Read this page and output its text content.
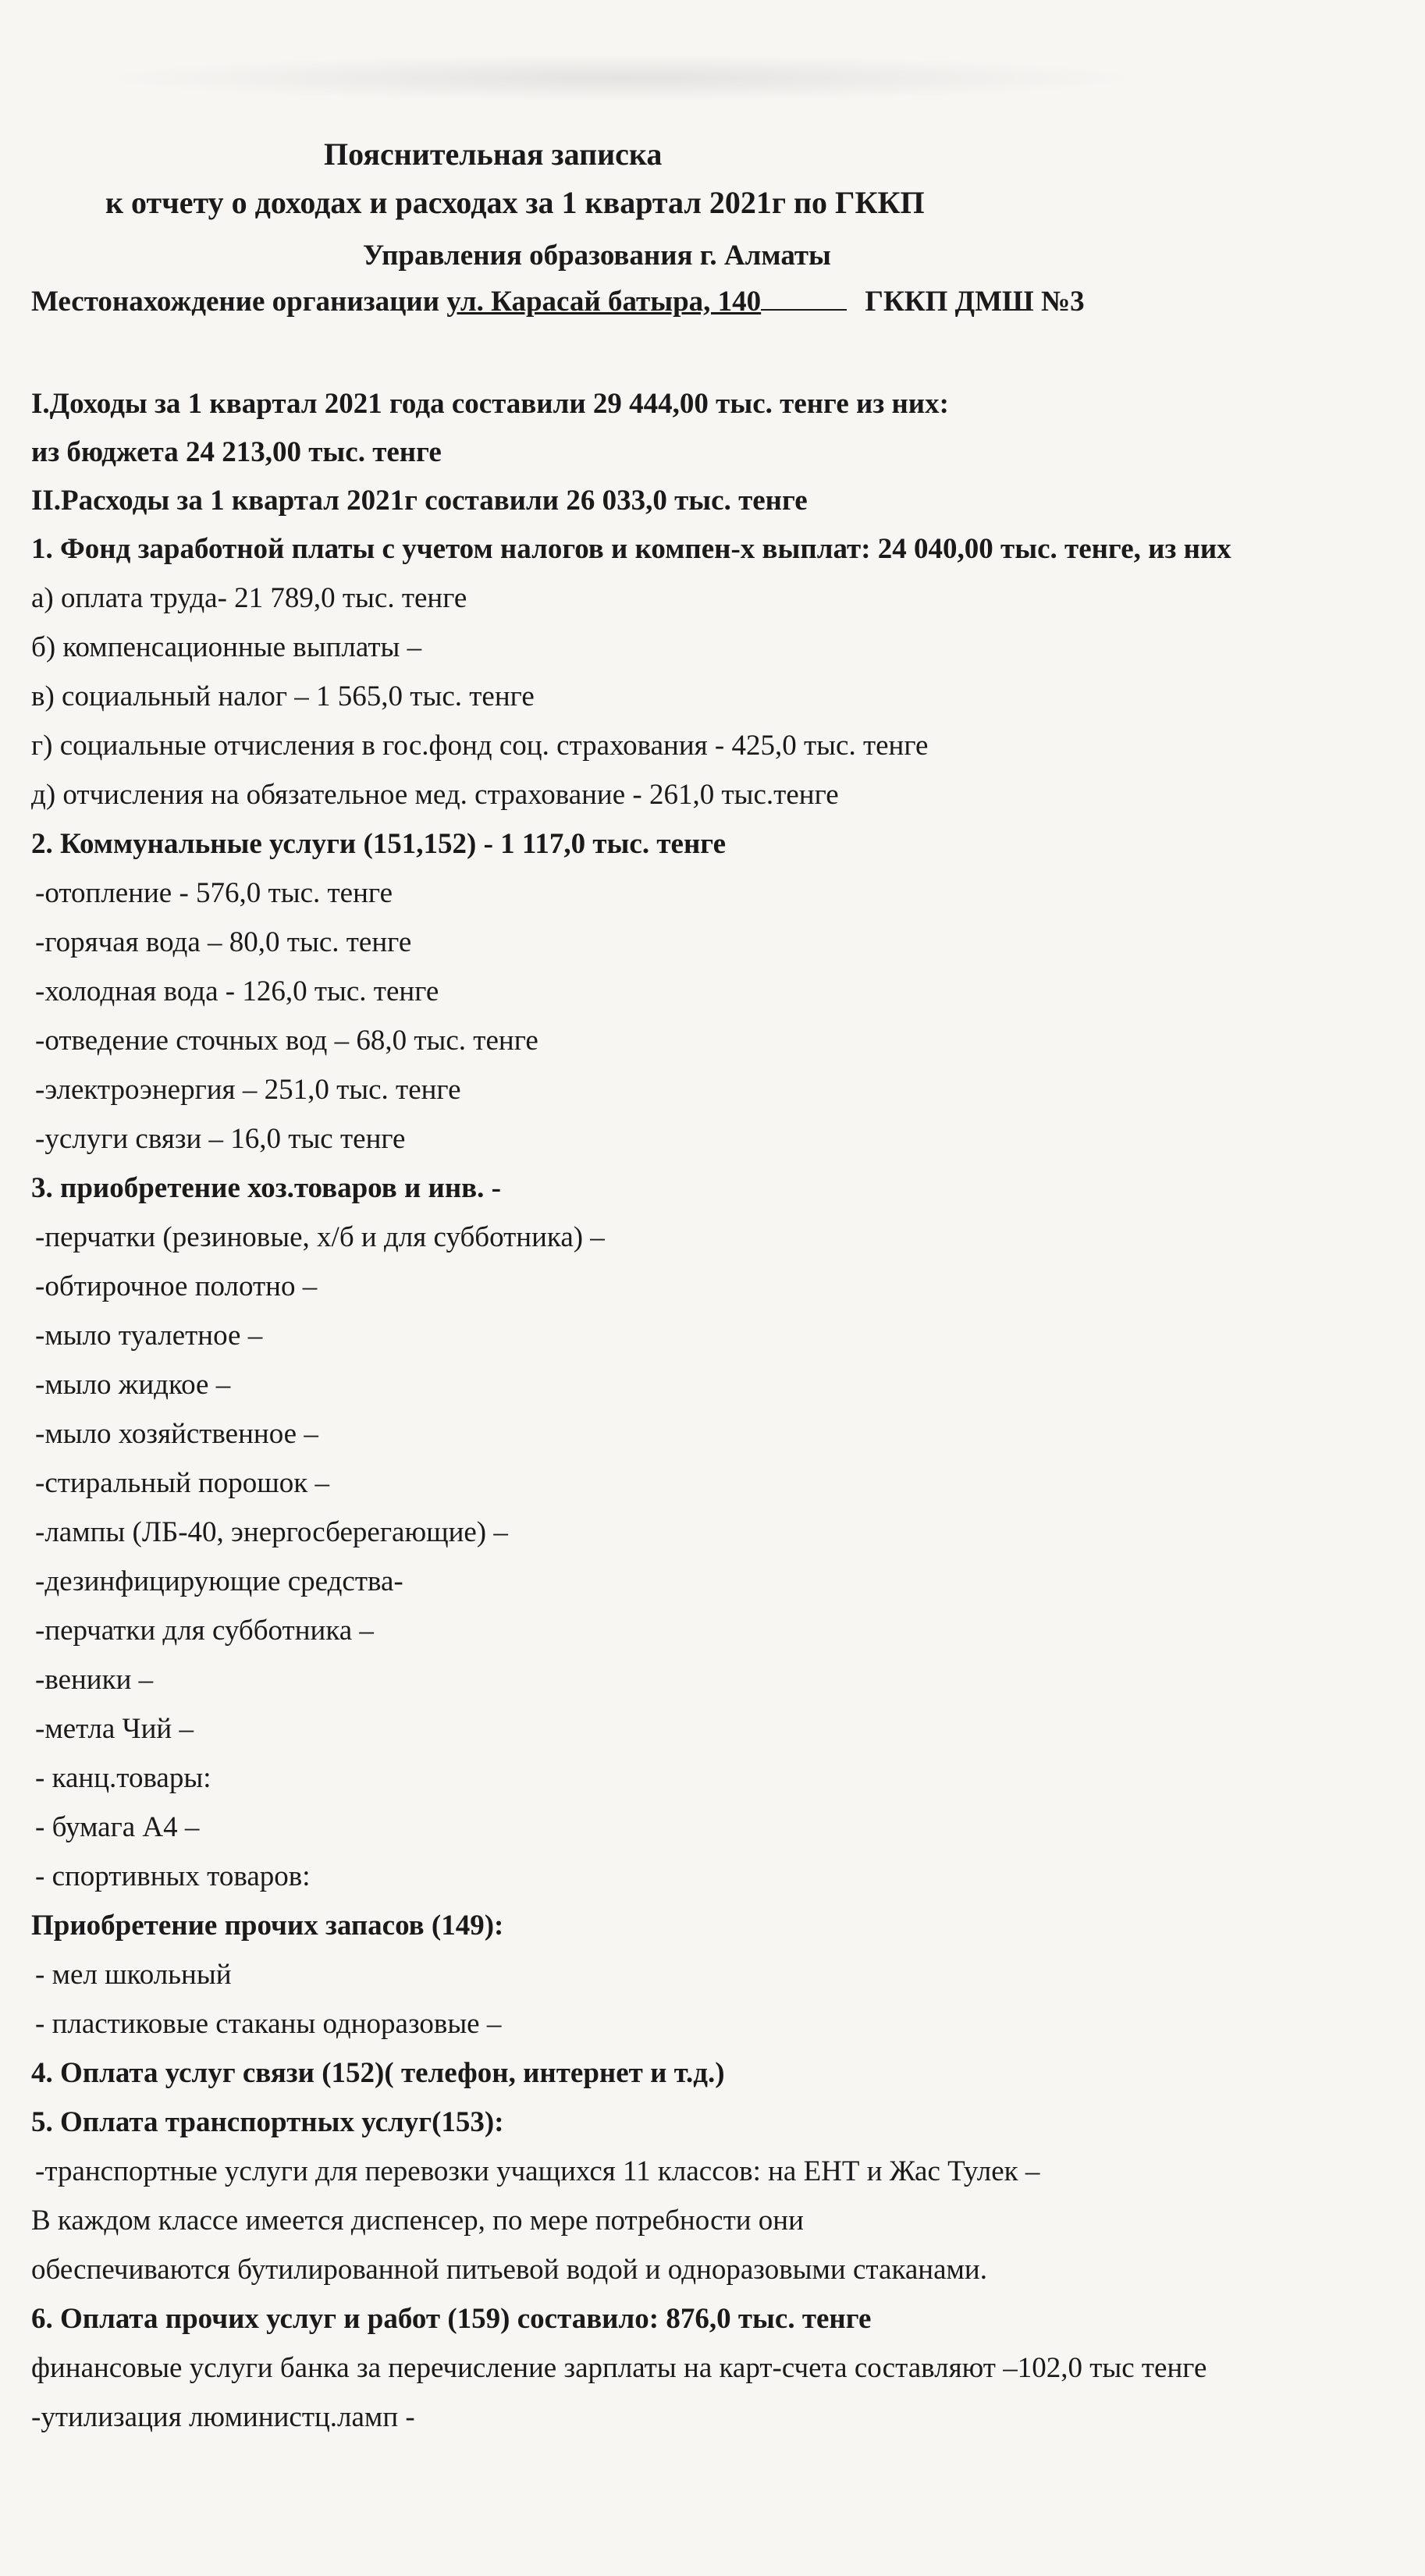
Пояснительная записка
к отчету о доходах и расходах за 1 квартал 2021г по ГККП
Управления образования г. Алматы
Местонахождение организации ул. Карасай батыра, 140	ГККП ДМШ №3
I.Доходы за 1 квартал 2021 года составили 29 444,00 тыс. тенге из них:
из бюджета 24 213,00 тыс. тенге
II.Расходы за 1 квартал 2021г составили 26 033,0 тыс. тенге
1. Фонд заработной платы с учетом налогов и компен-х выплат: 24 040,00 тыс. тенге, из них
а) оплата труда- 21 789,0 тыс. тенге
б) компенсационные выплаты –
в) социальный налог – 1 565,0 тыс. тенге
г) социальные отчисления в гос.фонд соц. страхования - 425,0 тыс. тенге
д) отчисления на обязательное мед. страхование - 261,0 тыс.тенге
2. Коммунальные услуги (151,152) - 1 117,0 тыс. тенге
-отопление - 576,0 тыс. тенге
-горячая вода – 80,0 тыс. тенге
-холодная вода - 126,0 тыс. тенге
-отведение сточных вод – 68,0 тыс. тенге
-электроэнергия – 251,0 тыс. тенге
-услуги связи – 16,0 тыс тенге
3. приобретение хоз.товаров и инв. -
-перчатки (резиновые, х/б и для субботника) –
-обтирочное полотно –
-мыло туалетное –
-мыло жидкое –
-мыло хозяйственное –
-стиральный порошок –
-лампы (ЛБ-40, энергосберегающие) –
-дезинфицирующие средства-
-перчатки для субботника –
-веники –
-метла Чий –
- канц.товары:
- бумага А4 –
- спортивных товаров:
Приобретение прочих запасов (149):
- мел школьный
- пластиковые стаканы одноразовые –
4. Оплата услуг связи (152)( телефон, интернет и т.д.)
5. Оплата транспортных услуг(153):
-транспортные услуги для перевозки учащихся 11 классов: на ЕНТ и Жас Тулек –
В каждом классе имеется диспенсер, по мере потребности они
обеспечиваются бутилированной питьевой водой и одноразовыми стаканами.
6. Оплата прочих услуг и работ (159) составило: 876,0 тыс. тенге
финансовые услуги банка за перечисление зарплаты на карт-счета составляют –102,0 тыс тенге
-утилизация люминистц.ламп -
